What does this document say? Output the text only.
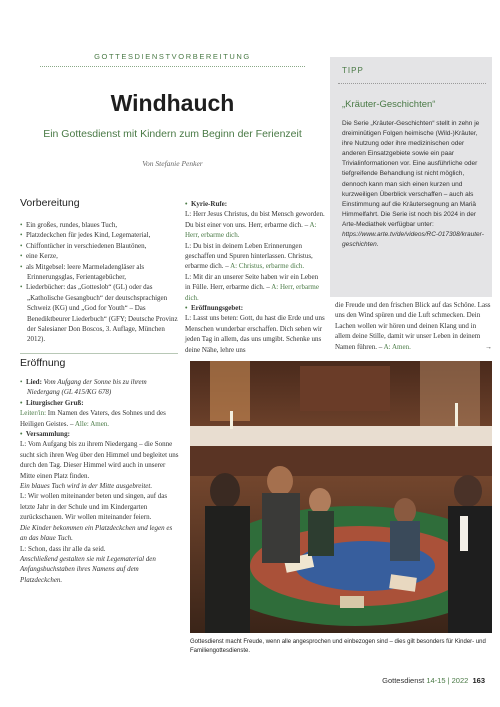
GOTTESDIENSTVORBEREITUNG
Windhauch
Ein Gottesdienst mit Kindern zum Beginn der Ferienzeit
Von Stefanie Penker
TIPP
„Kräuter-Geschichten“

Die Serie „Kräuter-Geschichten“ stellt in zehn je dreiminütigen Folgen heimische (Wild-)Kräuter, ihre Nutzung oder ihre medizinischen oder anderen Einsatzgebiete sowie ein paar Trivialinformationen vor. Eine ausführliche oder tiefgreifende Behandlung ist nicht möglich, dennoch kann man sich einen kurzen und kurzweiligen Überblick verschaffen – auch als Einstimmung auf die Kräutersegnung an Mariä Himmelfahrt. Die Serie ist noch bis 2024 in der Arte-Mediathek verfügbar unter: https://www.arte.tv/de/videos/RC-017308/krauter-geschichten.

Vorbereitung

• Ein großes, rundes, blaues Tuch,

• Platzdeckchen für jedes Kind, Legematerial,

• Chiffontücher in verschiedenen Blautönen,

• eine Kerze,

• als Mitgebsel: leere Marmeladengläser als Erinnerungsglas, Ferientagebücher,

• Liederbücher: das „Gotteslob“ (GL) oder das „Katholische Gesangbuch“ der deutschsprachigen Schweiz (KG) und „God for Youth“ – Das Benediktbeurer Liederbuch“ (GFY; Deutsche Provinz der Salesianer Don Boscos, 3. Auflage, München 2012).

• Kyrie-Rufe:

L: Herr Jesus Christus, du bist Mensch geworden. Du bist einer von uns. Herr, erbarme dich. – A: Herr, erbarme dich.

L: Du bist in deinem Leben Erinnerungen geschaffen und Spuren hinterlassen. Christus, erbarme dich. – A: Christus, erbarme dich.

L: Mit dir an unserer Seite haben wir ein Leben in Fülle. Herr, erbarme dich. – A: Herr, erbarme dich.

• Eröffnungsgebet:

L: Lasst uns beten: Gott, du hast die Erde und uns Menschen wunderbar erschaffen. Dich sehen wir jeden Tag in allem, das uns umgibt. Schenke uns deine Nähe, lehre uns

die Freude und den frischen Blick auf das Schöne. Lass uns den Wind spüren und die Luft schmecken. Dein Lachen wollen wir hören und deinen Klang und in allem deine Stille, damit wir unser Leben in deinem Namen führen. – A: Amen.	→

Eröffnung

• Lied: Vom Aufgang der Sonne bis zu ihrem Niedergang (GL 415/KG 678)

• Liturgischer Gruß:

Leiter/in: Im Namen des Vaters, des Sohnes und des Heiligen Geistes. – Alle: Amen.

• Versammlung:

L: Vom Aufgang bis zu ihrem Niedergang – die Sonne sucht sich ihren Weg über den Himmel und begleitet uns durch den Tag. Dieser Himmel wird auch in unserer Mitte einen Platz finden.

Ein blaues Tuch wird in der Mitte ausgebreitet.

L: Wir wollen miteinander beten und singen, auf das letzte Jahr in der Schule und im Kindergarten zurückschauen. Wir wollen miteinander feiern.

Die Kinder bekommen ein Platzdeckchen und legen es an das blaue Tuch.

L: Schon, dass ihr alle da seid.

Anschließend gestalten sie mit Legematerial den Anfangsbuchstaben ihres Namens auf dem Platzdeckchen.

Gottesdienst macht Freude, wenn alle angesprochen und einbezogen sind – dies gilt besonders für Kinder- und Familiengottesdienste.
Gottesdienst 14-15 | 2022 163
